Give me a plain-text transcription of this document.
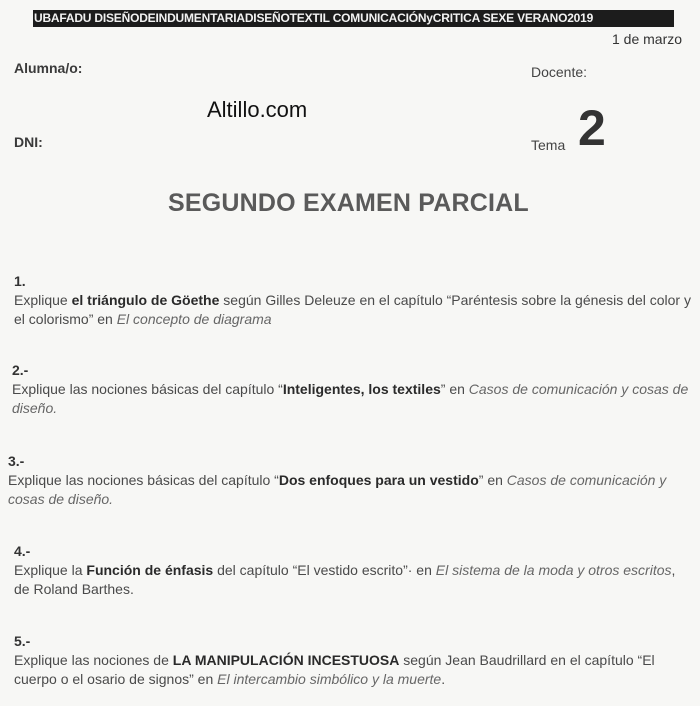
UBAFADU DISEÑODEINDUMENTARIADISEÑOTEXTIL COMUNICACIÓNyCRITICA SEXE VERANO2019
1 de marzo
Alumna/o:	Docente:
DNI:
Altillo.com
Tema 2
SEGUNDO EXAMEN PARCIAL
1.
Explique el triángulo de Göethe según Gilles Deleuze en el capítulo “Paréntesis sobre la génesis del color y el colorismo” en El concepto de diagrama
2.-
Explique las nociones básicas del capítulo “Inteligentes, los textiles” en Casos de comunicación y cosas de diseño.
3.-
Explique las nociones básicas del capítulo “Dos enfoques para un vestido” en Casos de comunicación y cosas de diseño.
4.-
Explique la Función de énfasis del capítulo “El vestido escrito”· en El sistema de la moda y otros escritos, de Roland Barthes.
5.-
Explique las nociones de LA MANIPULACIÓN INCESTUOSA según Jean Baudrillard en el capítulo “El cuerpo o el osario de signos” en El intercambio simbólico y la muerte.
